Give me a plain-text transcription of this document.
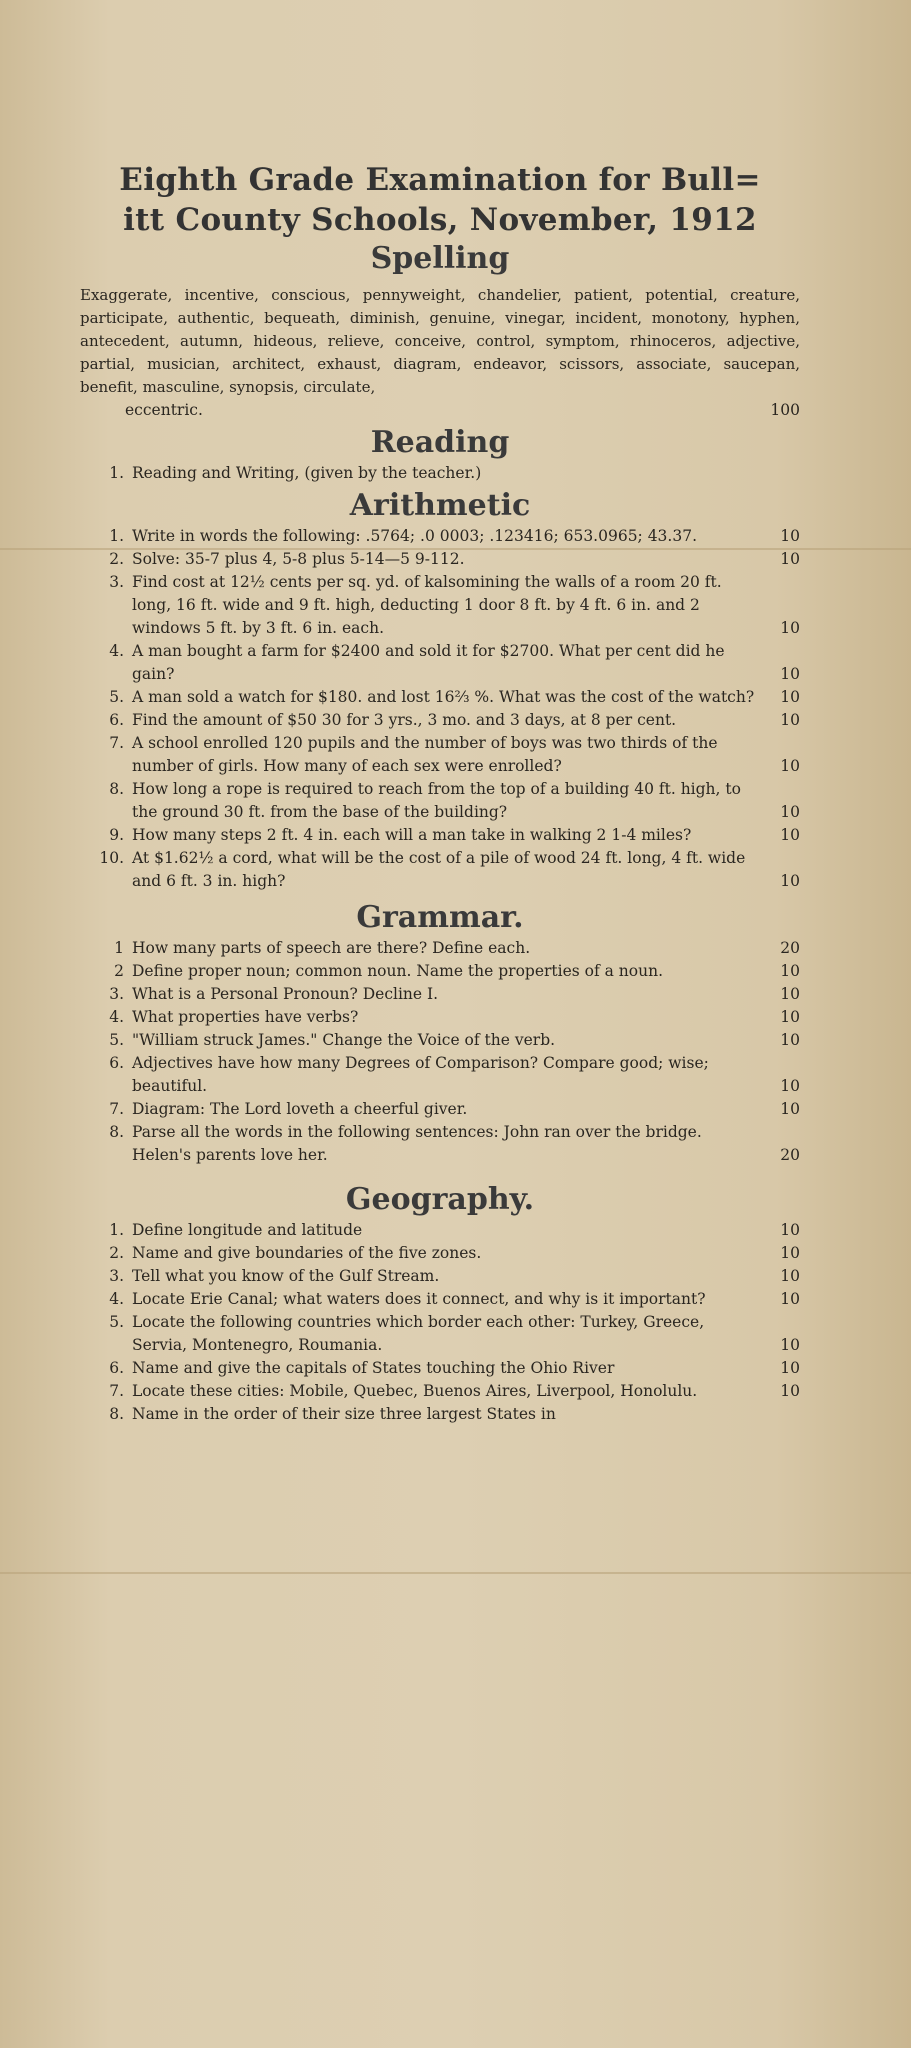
Eighth Grade Examination for Bull=
itt County Schools, November, 1912
Spelling
Exaggerate, incentive, conscious, pennyweight, chandelier, patient, potential, creature, participate, authentic, bequeath, diminish, genuine, vinegar, incident, monotony, hyphen, antecedent, autumn, hideous, relieve, conceive, control, symptom, rhinoceros, adjective, partial, musician, architect, exhaust, diagram, endeavor, scissors, associate, saucepan, benefit, masculine, synopsis, circulate,
eccentric.	100
Reading
1. Reading and Writing, (given by the teacher.)
Arithmetic
1. Write in words the following: .5764; .0 0003; .123416; 653.0965; 43.37.	10
2. Solve: 35-7 plus 4, 5-8 plus 5-14—5 9-112.	10
3. Find cost at 12½ cents per sq. yd. of kalsomining the walls of a room 20 ft. long, 16 ft. wide and 9 ft. high, deducting 1 door 8 ft. by 4 ft. 6 in. and 2 windows 5 ft. by 3 ft. 6 in. each.	10
4. A man bought a farm for $2400 and sold it for $2700. What per cent did he gain?	10
5. A man sold a watch for $180. and lost 16⅔ %. What was the cost of the watch?	10
6. Find the amount of $50 30 for 3 yrs., 3 mo. and 3 days, at 8 per cent.	10
7. A school enrolled 120 pupils and the number of boys was two thirds of the number of girls. How many of each sex were enrolled?	10
8. How long a rope is required to reach from the top of a building 40 ft. high, to the ground 30 ft. from the base of the building?	10
9. How many steps 2 ft. 4 in. each will a man take in walking 2 1-4 miles?	10
10. At $1.62½ a cord, what will be the cost of a pile of wood 24 ft. long, 4 ft. wide and 6 ft. 3 in. high?	10
Grammar.
1 How many parts of speech are there? Define each.	20
2 Define proper noun; common noun. Name the properties of a noun.	10
3. What is a Personal Pronoun? Decline I.	10
4. What properties have verbs?	10
5. "William struck James." Change the Voice of the verb.	10
6. Adjectives have how many Degrees of Comparison? Compare good; wise; beautiful.	10
7. Diagram: The Lord loveth a cheerful giver.	10
8. Parse all the words in the following sentences: John ran over the bridge. Helen's parents love her.	20
Geography.
1. Define longitude and latitude	10
2. Name and give boundaries of the five zones.	10
3. Tell what you know of the Gulf Stream.	10
4. Locate Erie Canal; what waters does it connect, and why is it important?	10
5. Locate the following countries which border each other: Turkey, Greece, Servia, Montenegro, Roumania.	10
6. Name and give the capitals of States touching the Ohio River	10
7. Locate these cities: Mobile, Quebec, Buenos Aires, Liverpool, Honolulu.	10
8. Name in the order of their size three largest States in
